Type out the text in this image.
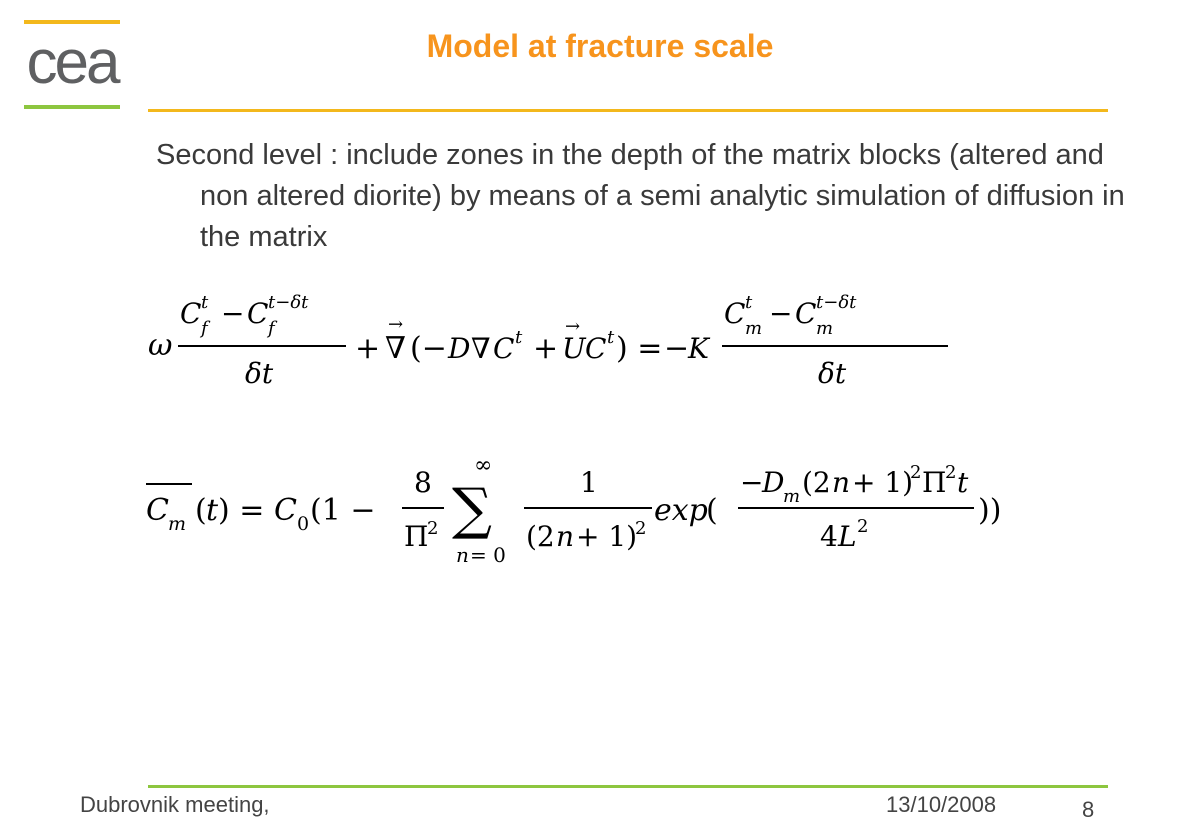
cea	Model at fracture scale
Second level : include zones in the depth of the matrix blocks (altered and non altered diorite) by means of a semi analytic simulation of diffusion in the matrix
ω
C t
f − C t−δt
f
δt
+ ∇
→
(− D ∇ C t + U
→
C t ) = −
K
C t
m − C t−δt
m
δt
C m ( t ) = C 0 (1 −
8
Π
2
∞
∑
n = 0
1
(2 n + 1)
2
exp
(
−
D
m (2 n + 1)
2 Π
2 t
4 L 2	))
Dubrovnik meeting,	13/10/2008	8
